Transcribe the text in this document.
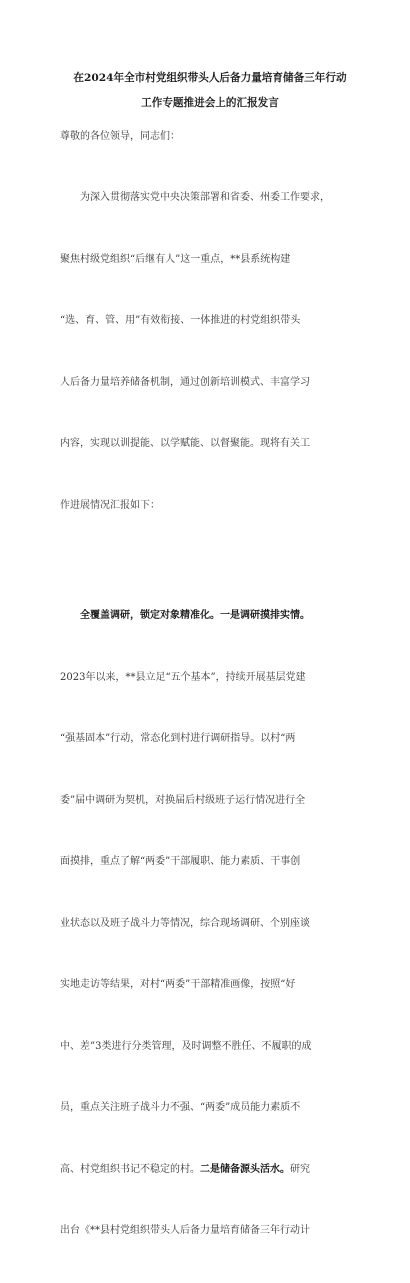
在2024年全市村党组织带头人后备力量培育储备三年行动
工作专题推进会上的汇报发言
尊敬的各位领导，同志们：

为深入贯彻落实党中央决策部署和省委、州委工作要求，

聚焦村级党组织“后继有人”这一重点，**县系统构建

“选、育、管、用”有效衔接、一体推进的村党组织带头

人后备力量培养储备机制，通过创新培训模式、丰富学习

内容，实现以训提能、以学赋能、以督聚能。现将有关工

作进展情况汇报如下：

全覆盖调研，锁定对象精准化。一是调研摸排实情。

2023年以来，**县立足“五个基本”，持续开展基层党建

“强基固本”行动，常态化到村进行调研指导。以村“两

委”届中调研为契机，对换届后村级班子运行情况进行全

面摸排，重点了解“两委”干部履职、能力素质、干事创

业状态以及班子战斗力等情况，综合现场调研、个别座谈

实地走访等结果，对村“两委”干部精准画像，按照“好

中、差”3类进行分类管理，及时调整不胜任、不履职的成

员，重点关注班子战斗力不强、“两委”成员能力素质不

高、村党组织书记不稳定的村。二是储备源头活水。研究

出台《**县村党组织带头人后备力量培育储备三年行动计
